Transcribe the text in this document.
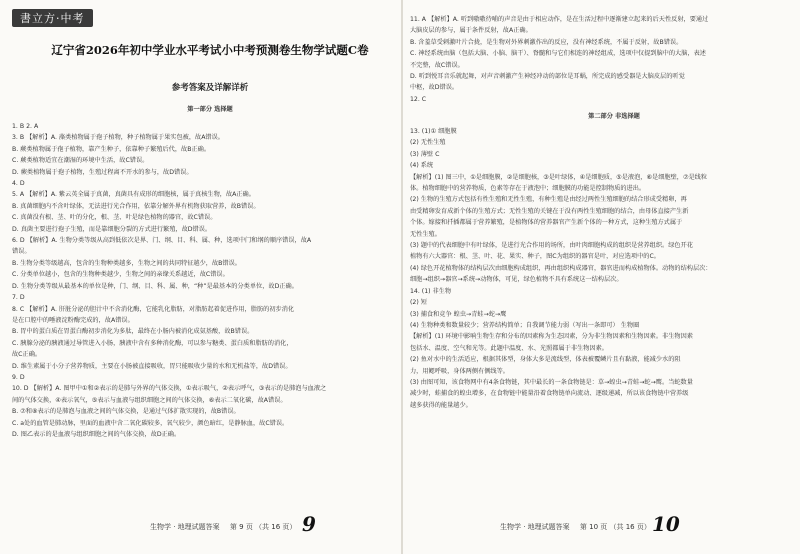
書立方·中考
辽宁省2026年初中学业水平考试小中考预测卷生物学试题C卷
参考答案及详解详析
第一部分 选择题

1. B 2. A

3. B 【解析】A. 藻类植物属于孢子植物，种子植物属于果实包被，故A错误。

B. 蕨类植物属于孢子植物，靠产生种子，依靠种子繁殖后代，故B正确。

C. 蕨类植物适宜在潮湿的环境中生活，故C错误。

D. 蕨类植物属于孢子植物，生殖过程离不开水的参与，故D错误。

4. D

5. A 【解析】A. 紫云英全属于真菌，真菌具有成形的细胞核，属于真核生物，故A正确。

B. 真菌细胞内不含叶绿体，无法进行光合作用，依靠分解外界有机物获取营养，故B错误。

C. 真菌没有根、茎、叶的分化，根、茎、叶是绿色植物的器官，故C错误。

D. 真菌主要进行孢子生殖，而是靠细胞分裂的方式进行繁殖，故D错误。

6. D 【解析】A. 生物分类等级从高到低依次是界、门、纲、目、科、属、种，选项中门和纲的顺序错误，故A

错误。

B. 生物分类等级越高，包含的生物种类越多，生物之间的共同特征越少，故B错误。

C. 分类单位越小，包含的生物种类越少，生物之间的亲缘关系越近，故C错误。

D. 生物分类等级从最基本的单位是种，门、纲、目、科、属、种，“种”是最基本的分类单位，故D正确。

7. D

8. C 【解析】A. 肝脏分泌的胆汁中不含消化酶，它能乳化脂肪，对脂肪起着促进作用，脂肪的初步消化

是在口腔中的唾液淀粉酶完成的，故A错误。

B. 胃中的蛋白质在胃蛋白酶初步消化为多肽，最终在小肠内被消化成氨基酸，故B错误。

C. 胰腺分泌的胰液通过导管进入小肠，胰液中含有多种消化酶，可以参与糖类、蛋白质和脂肪的消化，

故C正确。

D. 维生素属于小分子营养物质，主要在小肠被直接吸收，胃只能吸收少量的水和无机盐等，故D错误。

9. D

10. D 【解析】A. 图甲中①和②表示的是肺与外界的气体交换，①表示吸气，②表示呼气，③表示的是肺泡与血液之

间的气体交换，④表示氧气，⑤表示与血液与组织细胞之间的气体交换，⑥表示二氧化碳，故A错误。

B. ⑦和⑧表示的是肺泡与血液之间的气体交换，是通过气体扩散实现的，故B错误。

C. a处的血管是肺动脉，里面的血液中含二氧化碳较多，氧气较少，颜色暗红，是静脉血，故C错误。

D. 图乙表示的是血液与组织细胞之间的气体交换，故D正确。

生物学 · 地理试题答案 第 9 页 （共 16 页） 9

11. A 【解析】A. 听到嗷嗷待哺的声音是由于相应动作，是在生活过程中逐渐建立起来的后天性反射，要通过

大脑皮层的参与，属于条件反射，故A正确。

B. 含羞草受刺激叶片合拢，是生物对外界刺激作出的反应，没有神经系统，不属于反射，故B错误。

C. 神经系统由脑（包括大脑、小脑、脑干）、脊髓和与它们相连的神经组成，选项中仅提到脑中的大脑，表述

不完整，故C错误。

D. 听到悦耳音乐就起舞，对声音刺激产生神经冲动的部位是耳蜗，所完成的感受器是大脑皮层的听觉

中枢，故D错误。

12. C

第二部分 非选择题

13. (1)① 细胞膜

(2) 无性生殖

(3) 薄壁 C

(4) 系统

【解析】(1) 图三中，①是细胞膜，②是细胞核，③是叶绿体，④是细胞质，⑤是液泡，⑥是细胞壁，⑦是线粒

体。植物细胞中的营养物质，色素等存在于液泡中；细胞膜的功能是控制物质的进出。

(2) 生物的生殖方式包括有性生殖和无性生殖，有种生殖是由经过两性生殖细胞的结合形成受精卵，再

由受精卵发育成新个体的生殖方式；无性生殖的关键在于没有两性生殖细胞的结合，由母体直接产生新

个体。嫁接和扦插都属于营养繁殖，是植物体的营养器官产生新个体的一种方式，这种生殖方式属于

无性生殖。

(3) 题中的代表细胞中有叶绿体，是进行光合作用的场所，由叶肉细胞构成的组织是营养组织。绿色开花

植物有六大器官：根、茎、叶、花、果实、种子，图C为组织的器官是叶，对应选项中的C。

(4) 绿色开花植物体的结构层次由细胞构成组织，再由组织构成器官，器官进而构成植物体。动物的结构层次：

细胞→组织→器官→系统→动物体，可见，绿色植物不具有系统这一结构层次。

14. (1) 非生物

(2) 短

(3) 捕食和竞争 蝗虫→青蛙→蛇→鹰

(4) 生物种类和数量较少；营养结构简单；自我调节能力弱（写出一条即可） 生物圈

【解析】(1) 环境中影响生物生存和分布的因素称为生态因素，分为非生物因素和生物因素。非生物因素

包括水、温度、空气和光等。此题中温度、水、光照都属于非生物因素。

(2) 鱼对水中的生活适应，根据其体型，身体大多是流线型，体表被覆鳞片且有黏液，能减少水的阻

力，用鳃呼吸，身体两侧有侧线等。

(3) 由图可知，该食物网中有4条食物链，其中最长的一条食物链是：草→蝗虫→青蛙→蛇→鹰。当蛇数量

减少时，蛙捕食的蝗虫增多，在食物链中能量沿着食物链单向流动、逐级递减，所以该食物链中营养级

越多获得的能量越少。

生物学 · 地理试题答案 第 10 页 （共 16 页） 10
